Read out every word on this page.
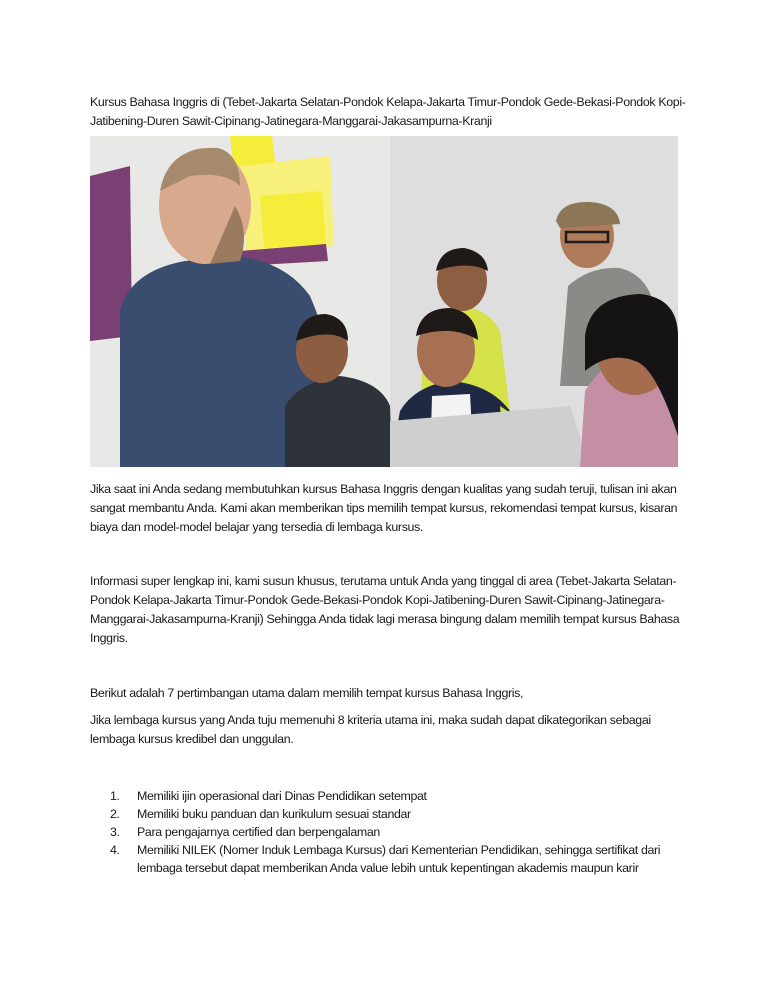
Kursus Bahasa Inggris di (Tebet-Jakarta Selatan-Pondok Kelapa-Jakarta Timur-Pondok Gede-Bekasi-Pondok Kopi-Jatibening-Duren Sawit-Cipinang-Jatinegara-Manggarai-Jakasampurna-Kranji

Jika saat ini Anda sedang membutuhkan kursus Bahasa Inggris dengan kualitas yang sudah teruji, tulisan ini akan sangat membantu Anda. Kami akan memberikan tips memilih tempat kursus, rekomendasi tempat kursus, kisaran biaya dan model-model belajar yang tersedia di lembaga kursus.

Informasi super lengkap ini, kami susun khusus, terutama untuk Anda yang tinggal di area (Tebet-Jakarta Selatan-Pondok Kelapa-Jakarta Timur-Pondok Gede-Bekasi-Pondok Kopi-Jatibening-Duren Sawit-Cipinang-Jatinegara-Manggarai-Jakasampurna-Kranji) Sehingga Anda tidak lagi merasa bingung dalam memilih tempat kursus Bahasa Inggris.

Berikut adalah 7 pertimbangan utama dalam memilih tempat kursus Bahasa Inggris,

Jika lembaga kursus yang Anda tuju memenuhi 8 kriteria utama ini, maka sudah dapat dikategorikan sebagai lembaga kursus kredibel dan unggulan.

1.	Memiliki ijin operasional dari Dinas Pendidikan setempat
2.	Memiliki buku panduan dan kurikulum sesuai standar
3.	Para pengajarnya certified dan berpengalaman
4.	Memiliki NILEK (Nomer Induk Lembaga Kursus) dari Kementerian Pendidikan, sehingga sertifikat dari lembaga tersebut dapat memberikan Anda value lebih untuk kepentingan akademis maupun karir
